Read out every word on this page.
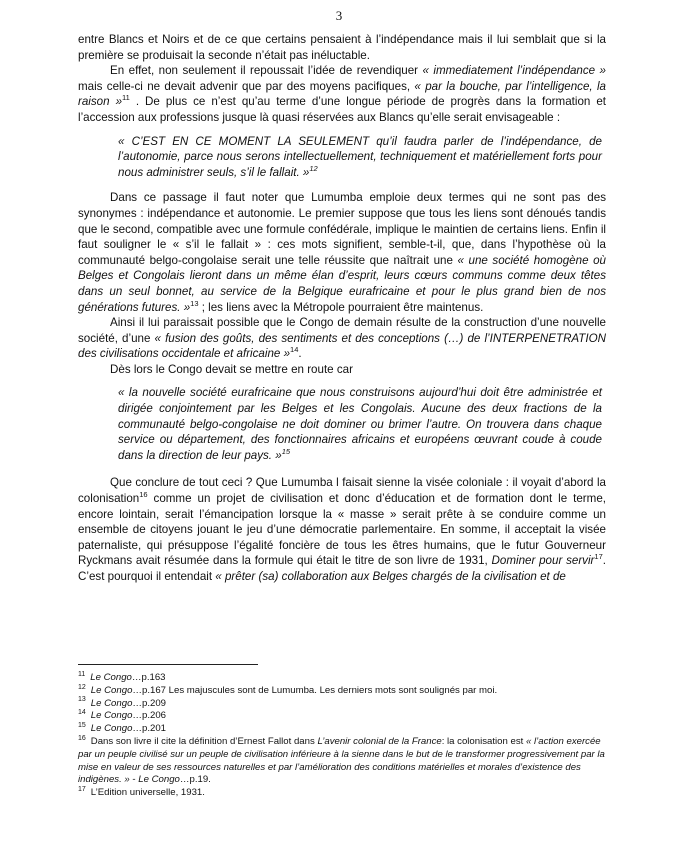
3

entre Blancs et Noirs et de ce que certains pensaient à l’indépendance mais il lui semblait que si la première se produisait la seconde n’était pas inéluctable.

En effet, non seulement il repoussait l’idée de revendiquer « immediatement l’indépendance » mais celle-ci ne devait advenir que par des moyens pacifiques, « par la bouche, par l’intelligence, la raison »$^{11}$ . De plus ce n’est qu’au terme d’une longue période de progrès dans la formation et l’accession aux professions jusque là quasi réservées aux Blancs qu’elle serait envisageable :

« C’EST EN CE MOMENT LA SEULEMENT qu’il faudra parler de l’indépendance, de l’autonomie, parce nous serons intellectuellement, techniquement et matériellement forts pour nous administrer seuls, s’il le fallait. »$^{12}$

Dans ce passage il faut noter que Lumumba emploie deux termes qui ne sont pas des synonymes : indépendance et autonomie. Le premier suppose que tous les liens sont dénoués tandis que le second, compatible avec une formule confédérale, implique le maintien de certains liens. Enfin il faut souligner le « s’il le fallait » : ces mots signifient, semble-t-il, que, dans l’hypothèse où la communauté belgo-congolaise serait une telle réussite que naîtrait une « une société homogène où Belges et Congolais lieront dans un même élan d’esprit, leurs cœurs communs comme deux têtes dans un seul bonnet, au service de la Belgique eurafricaine et pour le plus grand bien de nos générations futures. »$^{13}$ ; les liens avec la Métropole pourraient être maintenus.

Ainsi il lui paraissait possible que le Congo de demain résulte de la construction d’une nouvelle société, d’une « fusion des goûts, des sentiments et des conceptions (…) de l’INTERPENETRATION des civilisations occidentale et africaine »$^{14}$.

Dès lors le Congo devait se mettre en route car

« la nouvelle société eurafricaine que nous construisons aujourd’hui doit être administrée et dirigée conjointement par les Belges et les Congolais. Aucune des deux fractions de la communauté belgo-congolaise ne doit dominer ou brimer l’autre. On trouvera dans chaque service ou département, des fonctionnaires africains et européens œuvrant coude à coude dans la direction de leur pays. »$^{15}$

Que conclure de tout ceci ? Que Lumumba l faisait sienne la visée coloniale : il voyait d’abord la colonisation$^{16}$ comme un projet de civilisation et donc d’éducation et de formation dont le terme, encore lointain, serait l’émancipation lorsque la « masse » serait prête à se conduire comme un ensemble de citoyens jouant le jeu d’une démocratie parlementaire. En somme, il acceptait la visée paternaliste, qui présuppose l’égalité foncière de tous les êtres humains, que le futur Gouverneur Ryckmans avait résumée dans la formule qui était le titre de son livre de 1931, Dominer pour servir$^{17}$. C’est pourquoi il entendait « prêter (sa) collaboration aux Belges chargés de la civilisation et de

$^{11}$ Le Congo…p.163

$^{12}$ Le Congo…p.167 Les majuscules sont de Lumumba. Les derniers mots sont soulignés par moi.

$^{13}$ Le Congo…p.209

$^{14}$ Le Congo…p.206

$^{15}$ Le Congo…p.201

$^{16}$ Dans son livre il cite la définition d’Ernest Fallot dans L’avenir colonial de la France: la colonisation est « l’action exercée par un peuple civilisé sur un peuple de civilisation inférieure à la sienne dans le but de le transformer progressivement par la mise en valeur de ses ressources naturelles et par l’amélioration des conditions matérielles et morales d’existence des indigènes. » - Le Congo…p.19.

$^{17}$ L’Edition universelle, 1931.
